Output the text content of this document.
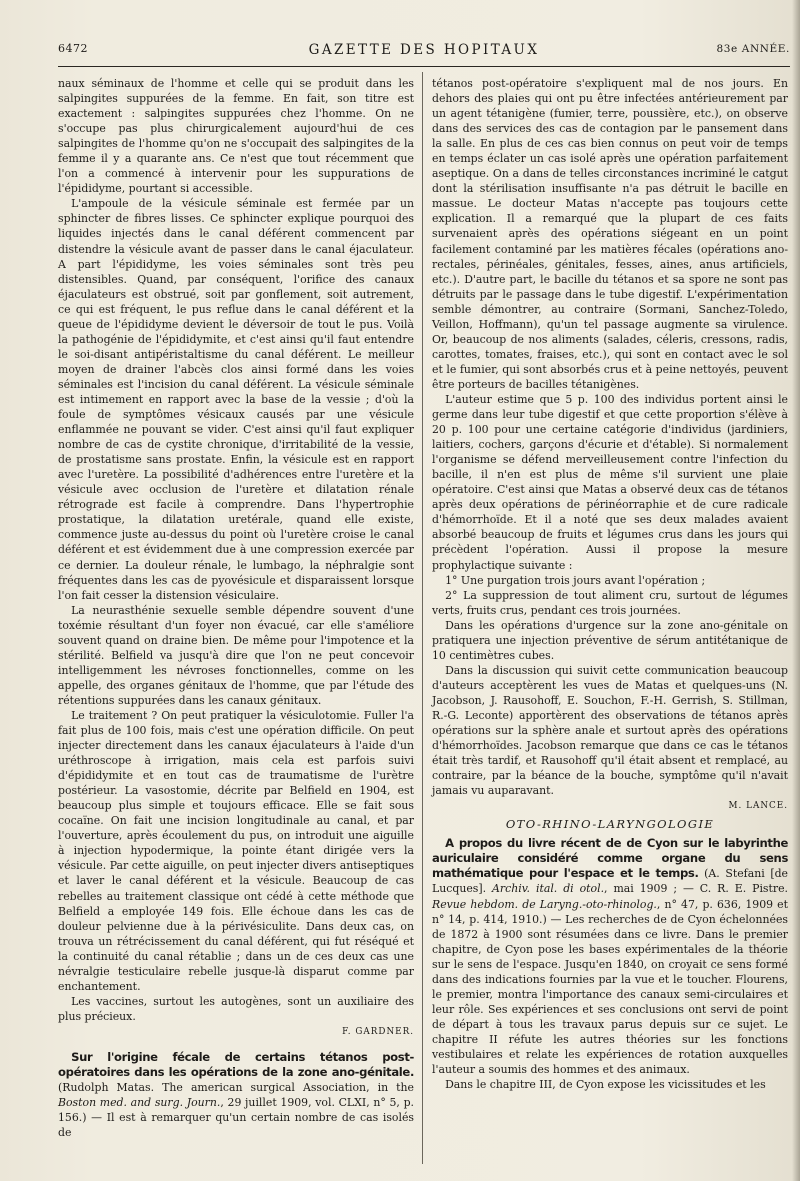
6472	GAZETTE DES HOPITAUX	83e ANNÉE.

naux séminaux de l'homme et celle qui se produit dans les salpingites suppurées de la femme. En fait, son titre est exactement : salpingites suppurées chez l'homme. On ne s'occupe pas plus chirurgicalement aujourd'hui de ces salpingites de l'homme qu'on ne s'occupait des salpingites de la femme il y a quarante ans. Ce n'est que tout récemment que l'on a commencé à intervenir pour les suppurations de l'épididyme, pourtant si accessible.

L'ampoule de la vésicule séminale est fermée par un sphincter de fibres lisses. Ce sphincter explique pourquoi des liquides injectés dans le canal déférent commencent par distendre la vésicule avant de passer dans le canal éjaculateur. A part l'épididyme, les voies séminales sont très peu distensibles. Quand, par conséquent, l'orifice des canaux éjaculateurs est obstrué, soit par gonflement, soit autrement, ce qui est fréquent, le pus reflue dans le canal déférent et la queue de l'épididyme devient le déversoir de tout le pus. Voilà la pathogénie de l'épididymite, et c'est ainsi qu'il faut entendre le soi-disant antipéristaltisme du canal déférent. Le meilleur moyen de drainer l'abcès clos ainsi formé dans les voies séminales est l'incision du canal déférent. La vésicule séminale est intimement en rapport avec la base de la vessie ; d'où la foule de symptômes vésicaux causés par une vésicule enflammée ne pouvant se vider. C'est ainsi qu'il faut expliquer nombre de cas de cystite chronique, d'irritabilité de la vessie, de prostatisme sans prostate. Enfin, la vésicule est en rapport avec l'uretère. La possibilité d'adhérences entre l'uretère et la vésicule avec occlusion de l'uretère et dilatation rénale rétrograde est facile à comprendre. Dans l'hypertrophie prostatique, la dilatation uretérale, quand elle existe, commence juste au-dessus du point où l'uretère croise le canal déférent et est évidemment due à une compression exercée par ce dernier. La douleur rénale, le lumbago, la néphralgie sont fréquentes dans les cas de pyovésicule et disparaissent lorsque l'on fait cesser la distension vésiculaire.

La neurasthénie sexuelle semble dépendre souvent d'une toxémie résultant d'un foyer non évacué, car elle s'améliore souvent quand on draine bien. De même pour l'impotence et la stérilité. Belfield va jusqu'à dire que l'on ne peut concevoir intelligemment les névroses fonctionnelles, comme on les appelle, des organes génitaux de l'homme, que par l'étude des rétentions suppurées dans les canaux génitaux.

Le traitement ? On peut pratiquer la vésiculotomie. Fuller l'a fait plus de 100 fois, mais c'est une opération difficile. On peut injecter directement dans les canaux éjaculateurs à l'aide d'un uréthroscope à irrigation, mais cela est parfois suivi d'épididymite et en tout cas de traumatisme de l'urètre postérieur. La vasostomie, décrite par Belfield en 1904, est beaucoup plus simple et toujours efficace. Elle se fait sous cocaïne. On fait une incision longitudinale au canal, et par l'ouverture, après écoulement du pus, on introduit une aiguille à injection hypodermique, la pointe étant dirigée vers la vésicule. Par cette aiguille, on peut injecter divers antiseptiques et laver le canal déférent et la vésicule. Beaucoup de cas rebelles au traitement classique ont cédé à cette méthode que Belfield a employée 149 fois. Elle échoue dans les cas de douleur pelvienne due à la périvésiculite. Dans deux cas, on trouva un rétrécissement du canal déférent, qui fut réséqué et la continuité du canal rétablie ; dans un de ces deux cas une névralgie testiculaire rebelle jusque-là disparut comme par enchantement.

Les vaccines, surtout les autogènes, sont un auxiliaire des plus précieux.

F. GARDNER.

Sur l'origine fécale de certains tétanos post-opératoires dans les opérations de la zone ano-génitale. (Rudolph Matas. The american surgical Association, in the Boston med. and surg. Journ., 29 juillet 1909, vol. CLXI, n° 5, p. 156.) — Il est à remarquer qu'un certain nombre de cas isolés de

tétanos post-opératoire s'expliquent mal de nos jours. En dehors des plaies qui ont pu être infectées antérieurement par un agent tétanigène (fumier, terre, poussière, etc.), on observe dans des services des cas de contagion par le pansement dans la salle. En plus de ces cas bien connus on peut voir de temps en temps éclater un cas isolé après une opération parfaitement aseptique. On a dans de telles circonstances incriminé le catgut dont la stérilisation insuffisante n'a pas détruit le bacille en massue. Le docteur Matas n'accepte pas toujours cette explication. Il a remarqué que la plupart de ces faits survenaient après des opérations siégeant en un point facilement contaminé par les matières fécales (opérations ano-rectales, périnéales, génitales, fesses, aines, anus artificiels, etc.). D'autre part, le bacille du tétanos et sa spore ne sont pas détruits par le passage dans le tube digestif. L'expérimentation semble démontrer, au contraire (Sormani, Sanchez-Toledo, Veillon, Hoffmann), qu'un tel passage augmente sa virulence. Or, beaucoup de nos aliments (salades, céleris, cressons, radis, carottes, tomates, fraises, etc.), qui sont en contact avec le sol et le fumier, qui sont absorbés crus et à peine nettoyés, peuvent être porteurs de bacilles tétanigènes.

L'auteur estime que 5 p. 100 des individus portent ainsi le germe dans leur tube digestif et que cette proportion s'élève à 20 p. 100 pour une certaine catégorie d'individus (jardiniers, laitiers, cochers, garçons d'écurie et d'étable). Si normalement l'organisme se défend merveilleusement contre l'infection du bacille, il n'en est plus de même s'il survient une plaie opératoire. C'est ainsi que Matas a observé deux cas de tétanos après deux opérations de périnéorraphie et de cure radicale d'hémorrhoïde. Et il a noté que ses deux malades avaient absorbé beaucoup de fruits et légumes crus dans les jours qui précèdent l'opération. Aussi il propose la mesure prophylactique suivante :

1° Une purgation trois jours avant l'opération ;

2° La suppression de tout aliment cru, surtout de légumes verts, fruits crus, pendant ces trois journées.

Dans les opérations d'urgence sur la zone ano-génitale on pratiquera une injection préventive de sérum antitétanique de 10 centimètres cubes.

Dans la discussion qui suivit cette communication beaucoup d'auteurs acceptèrent les vues de Matas et quelques-uns (N. Jacobson, J. Rausohoff, E. Souchon, F.-H. Gerrish, S. Stillman, R.-G. Leconte) apportèrent des observations de tétanos après opérations sur la sphère anale et surtout après des opérations d'hémorrhoïdes. Jacobson remarque que dans ce cas le tétanos était très tardif, et Rausohoff qu'il était absent et remplacé, au contraire, par la béance de la bouche, symptôme qu'il n'avait jamais vu auparavant.

M. LANCE.
OTO-RHINO-LARYNGOLOGIE

A propos du livre récent de de Cyon sur le labyrinthe auriculaire considéré comme organe du sens mathématique pour l'espace et le temps. (A. Stefani [de Lucques]. Archiv. ital. di otol., mai 1909 ; — C. R. E. Pistre. Revue hebdom. de Laryng.-oto-rhinolog., n° 47, p. 636, 1909 et n° 14, p. 414, 1910.) — Les recherches de de Cyon échelonnées de 1872 à 1900 sont résumées dans ce livre. Dans le premier chapitre, de Cyon pose les bases expérimentales de la théorie sur le sens de l'espace. Jusqu'en 1840, on croyait ce sens formé dans des indications fournies par la vue et le toucher. Flourens, le premier, montra l'importance des canaux semi-circulaires et leur rôle. Ses expériences et ses conclusions ont servi de point de départ à tous les travaux parus depuis sur ce sujet. Le chapitre II réfute les autres théories sur les fonctions vestibulaires et relate les expériences de rotation auxquelles l'auteur a soumis des hommes et des animaux.

Dans le chapitre III, de Cyon expose les vicissitudes et les
